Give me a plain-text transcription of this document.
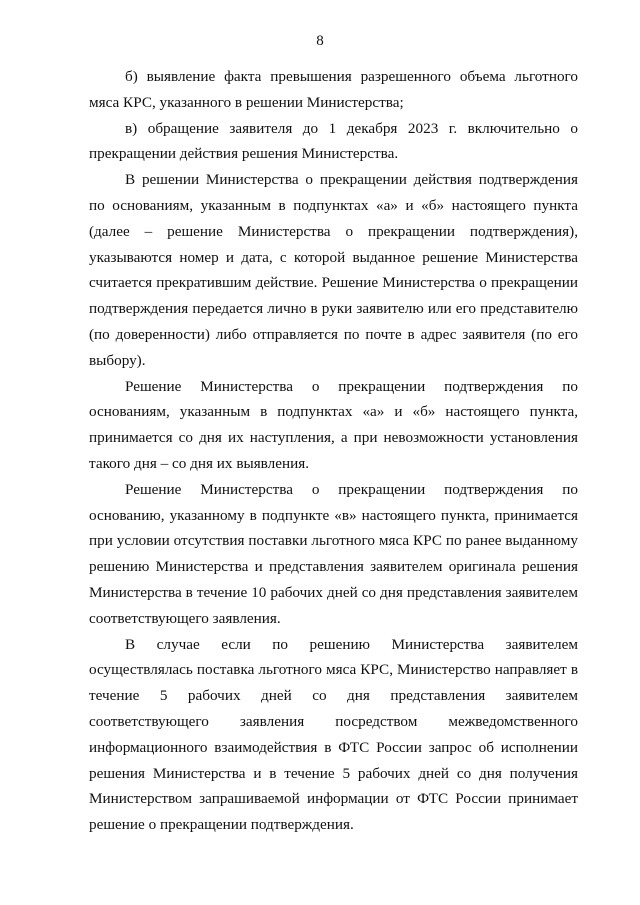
8

б) выявление факта превышения разрешенного объема льготного мяса КРС, указанного в решении Министерства;

в) обращение заявителя до 1 декабря 2023 г. включительно о прекращении действия решения Министерства.

В решении Министерства о прекращении действия подтверждения по основаниям, указанным в подпунктах «а» и «б» настоящего пункта (далее – решение Министерства о прекращении подтверждения), указываются номер и дата, с которой выданное решение Министерства считается прекратившим действие. Решение Министерства о прекращении подтверждения передается лично в руки заявителю или его представителю (по доверенности) либо отправляется по почте в адрес заявителя (по его выбору).

Решение Министерства о прекращении подтверждения по основаниям, указанным в подпунктах «а» и «б» настоящего пункта, принимается со дня их наступления, а при невозможности установления такого дня – со дня их выявления.

Решение Министерства о прекращении подтверждения по основанию, указанному в подпункте «в» настоящего пункта, принимается при условии отсутствия поставки льготного мяса КРС по ранее выданному решению Министерства и представления заявителем оригинала решения Министерства в течение 10 рабочих дней со дня представления заявителем соответствующего заявления.

В случае если по решению Министерства заявителем осуществлялась поставка льготного мяса КРС, Министерство направляет в течение 5 рабочих дней со дня представления заявителем соответствующего заявления посредством межведомственного информационного взаимодействия в ФТС России запрос об исполнении решения Министерства и в течение 5 рабочих дней со дня получения Министерством запрашиваемой информации от ФТС России принимает решение о прекращении подтверждения.
